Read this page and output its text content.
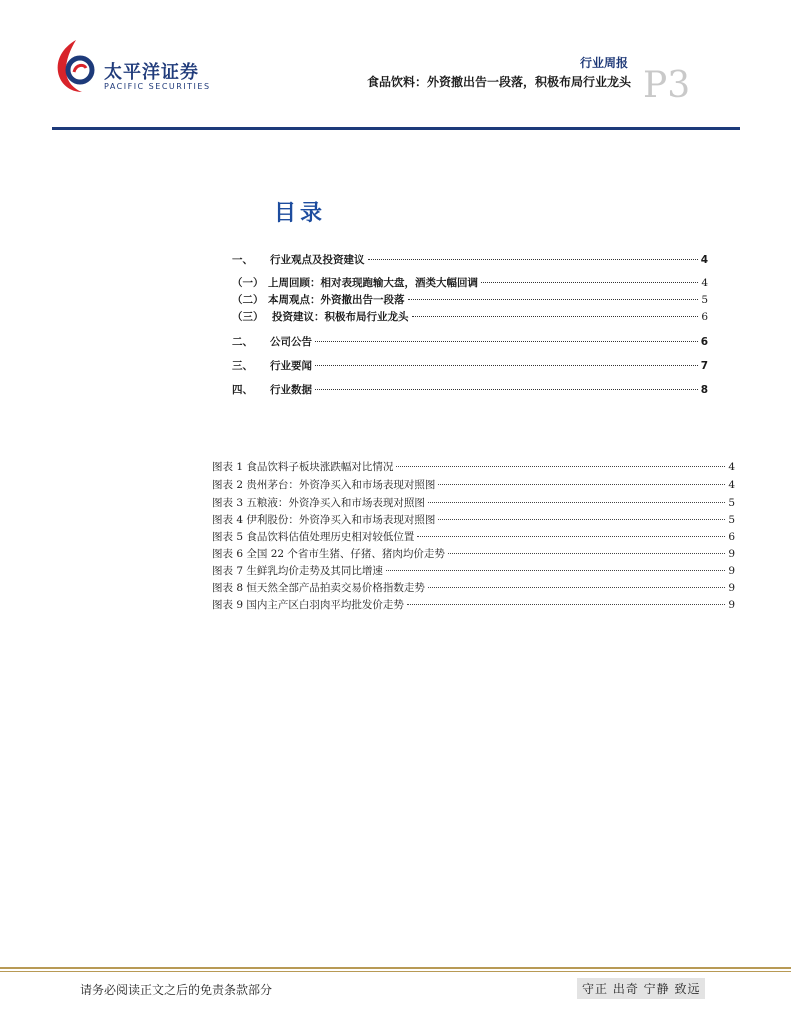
太平洋证券
PACIFIC SECURITIES
行业周报
食品饮料：外资撤出告一段落，积极布局行业龙头 P3
目录
一、	行业观点及投资建议	4
（一） 上周回顾：相对表现跑输大盘，酒类大幅回调	4
（二） 本周观点：外资撤出告一段落	5
（三） 投资建议：积极布局行业龙头	6
二、	公司公告	6
三、	行业要闻	7
四、	行业数据	8
图表 1 食品饮料子板块涨跌幅对比情况	4
图表 2 贵州茅台：外资净买入和市场表现对照图	4
图表 3 五粮液：外资净买入和市场表现对照图	5
图表 4 伊利股份：外资净买入和市场表现对照图	5
图表 5 食品饮料估值处理历史相对较低位置	6
图表 6 全国 22 个省市生猪、仔猪、猪肉均价走势	9
图表 7 生鲜乳均价走势及其同比增速	9
图表 8 恒天然全部产品拍卖交易价格指数走势	9
图表 9 国内主产区白羽肉平均批发价走势	9
请务必阅读正文之后的免责条款部分	守正 出奇 宁静 致远
